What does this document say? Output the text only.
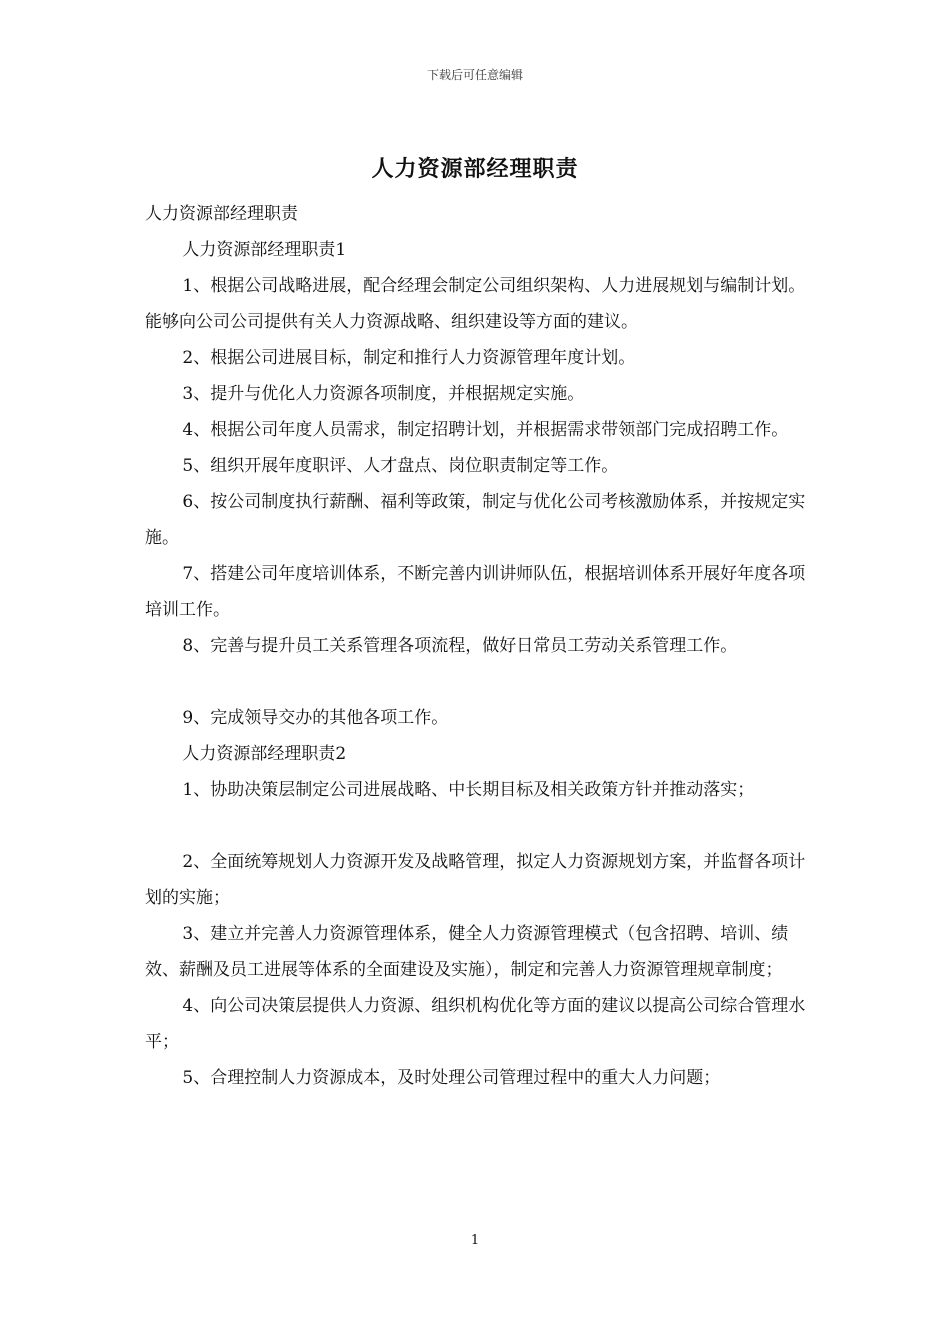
下载后可任意编辑
人力资源部经理职责

人力资源部经理职责

人力资源部经理职责1

1、根据公司战略进展，配合经理会制定公司组织架构、人力进展规划与编制计划。能够向公司公司提供有关人力资源战略、组织建设等方面的建议。

2、根据公司进展目标，制定和推行人力资源管理年度计划。

3、提升与优化人力资源各项制度，并根据规定实施。

4、根据公司年度人员需求，制定招聘计划，并根据需求带领部门完成招聘工作。

5、组织开展年度职评、人才盘点、岗位职责制定等工作。

6、按公司制度执行薪酬、福利等政策，制定与优化公司考核激励体系，并按规定实施。

7、搭建公司年度培训体系，不断完善内训讲师队伍，根据培训体系开展好年度各项培训工作。

8、完善与提升员工关系管理各项流程，做好日常员工劳动关系管理工作。

9、完成领导交办的其他各项工作。

人力资源部经理职责2

1、协助决策层制定公司进展战略、中长期目标及相关政策方针并推动落实；

2、全面统筹规划人力资源开发及战略管理，拟定人力资源规划方案，并监督各项计划的实施；

3、建立并完善人力资源管理体系，健全人力资源管理模式（包含招聘、培训、绩效、薪酬及员工进展等体系的全面建设及实施），制定和完善人力资源管理规章制度；

4、向公司决策层提供人力资源、组织机构优化等方面的建议以提高公司综合管理水平；

5、合理控制人力资源成本，及时处理公司管理过程中的重大人力问题；

1
